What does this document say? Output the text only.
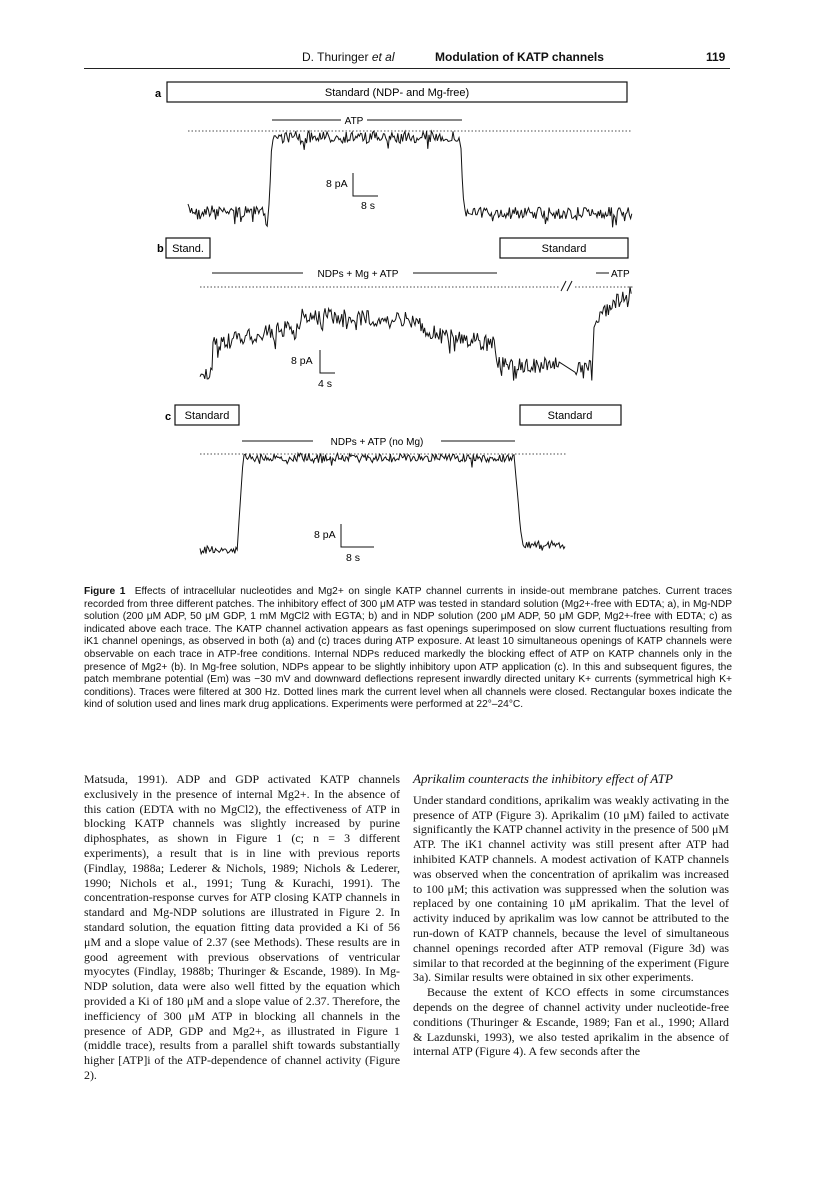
D. Thuringer et al	Modulation of KATP channels	119
a	Standard (NDP- and Mg-free)
ATP
8 pA
8 s
b Stand.	Standard
NDPs + Mg + ATP	ATP
8 pA
4 s
c Standard	Standard
NDPs + ATP (no Mg)
8 pA
8 s
Figure 1 Effects of intracellular nucleotides and Mg2+ on single KATP channel currents in inside-out membrane patches. Current traces recorded from three different patches. The inhibitory effect of 300 μM ATP was tested in standard solution (Mg2+-free with EDTA; a), in Mg-NDP solution (200 μM ADP, 50 μM GDP, 1 mM MgCl2 with EGTA; b) and in NDP solution (200 μM ADP, 50 μM GDP, Mg2+-free with EDTA; c) as indicated above each trace. The KATP channel activation appears as fast openings superimposed on slow current fluctuations resulting from iK1 channel openings, as observed in both (a) and (c) traces during ATP exposure. At least 10 simultaneous openings of KATP channels were observable on each trace in ATP-free conditions. Internal NDPs reduced markedly the blocking effect of ATP on KATP channels only in the presence of Mg2+ (b). In Mg-free solution, NDPs appear to be slightly inhibitory upon ATP application (c). In this and subsequent figures, the patch membrane potential (Em) was −30 mV and downward deflections represent inwardly directed unitary K+ currents (symmetrical high K+ conditions). Traces were filtered at 300 Hz. Dotted lines mark the current level when all channels were closed. Rectangular boxes indicate the kind of solution used and lines mark drug applications. Experiments were performed at 22°–24°C.

Matsuda, 1991). ADP and GDP activated KATP channels exclusively in the presence of internal Mg2+. In the absence of this cation (EDTA with no MgCl2), the effectiveness of ATP in blocking KATP channels was slightly increased by purine diphosphates, as shown in Figure 1 (c; n = 3 different experiments), a result that is in line with previous reports (Findlay, 1988a; Lederer & Nichols, 1989; Nichols & Lederer, 1990; Nichols et al., 1991; Tung & Kurachi, 1991). The concentration-response curves for ATP closing KATP channels in standard and Mg-NDP solutions are illustrated in Figure 2. In standard solution, the equation fitting data provided a Ki of 56 μM and a slope value of 2.37 (see Methods). These results are in good agreement with previous observations of ventricular myocytes (Findlay, 1988b; Thuringer & Escande, 1989). In Mg-NDP solution, data were also well fitted by the equation which provided a Ki of 180 μM and a slope value of 2.37. Therefore, the inefficiency of 300 μM ATP in blocking all channels in the presence of ADP, GDP and Mg2+, as illustrated in Figure 1 (middle trace), results from a parallel shift towards substantially higher [ATP]i of the ATP-dependence of channel activity (Figure 2).

Aprikalim counteracts the inhibitory effect of ATP

Under standard conditions, aprikalim was weakly activating in the presence of ATP (Figure 3). Aprikalim (10 μM) failed to activate significantly the KATP channel activity in the presence of 500 μM ATP. The iK1 channel activity was still present after ATP had inhibited KATP channels. A modest activation of KATP channels was observed when the concentration of aprikalim was increased to 100 μM; this activation was suppressed when the solution was replaced by one containing 10 μM aprikalim. That the level of activity induced by aprikalim was low cannot be attributed to the run-down of KATP channels, because the level of simultaneous channel openings recorded after ATP removal (Figure 3d) was similar to that recorded at the beginning of the experiment (Figure 3a). Similar results were obtained in six other experiments.

Because the extent of KCO effects in some circumstances depends on the degree of channel activity under nucleotide-free conditions (Thuringer & Escande, 1989; Fan et al., 1990; Allard & Lazdunski, 1993), we also tested aprikalim in the absence of internal ATP (Figure 4). A few seconds after the
